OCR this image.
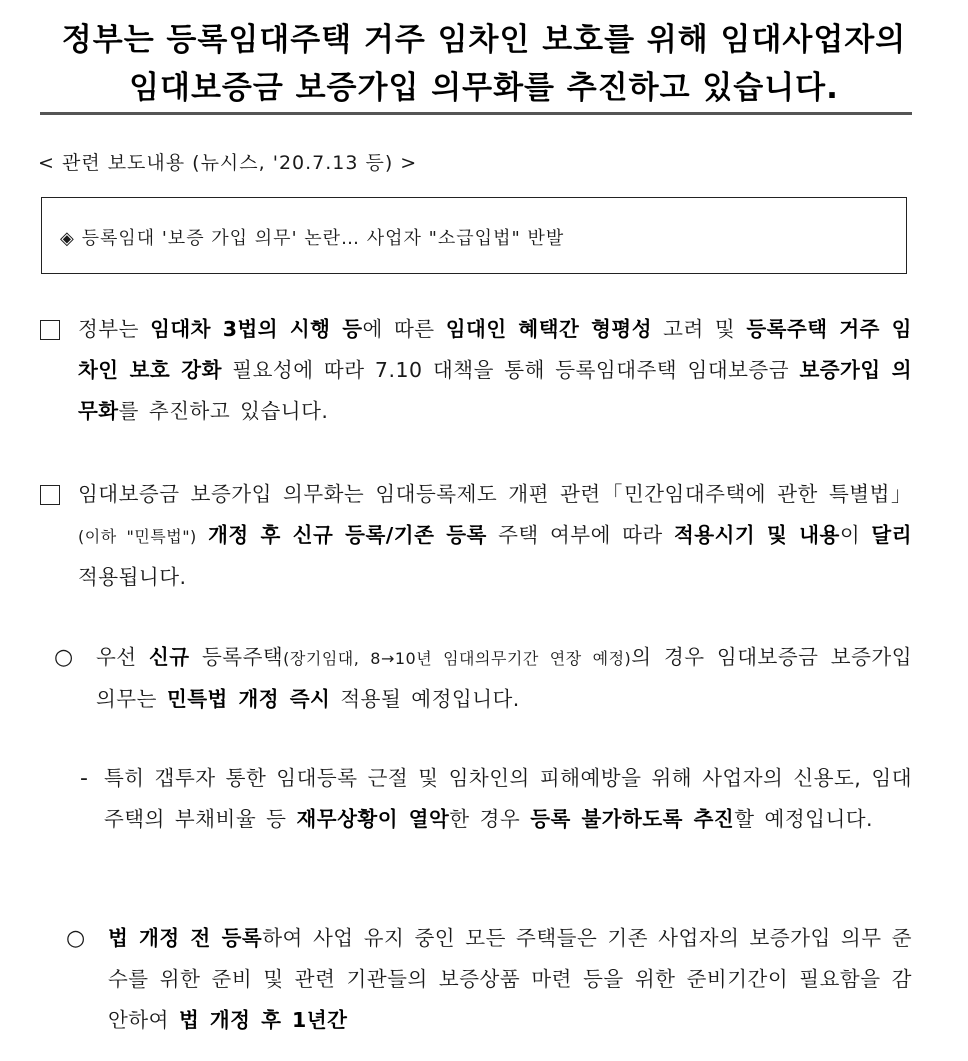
정부는 등록임대주택 거주 임차인 보호를 위해 임대사업자의
임대보증금 보증가입 의무화를 추진하고 있습니다.
< 관련 보도내용 (뉴시스, '20.7.13 등) >
◈ 등록임대 '보증 가입 의무' 논란… 사업자 "소급입법" 반발
정부는 임대차 3법의 시행 등에 따른 임대인 혜택간 형평성 고려 및 등록주택 거주 임차인 보호 강화 필요성에 따라 7.10 대책을 통해 등록임대주택 임대보증금 보증가입 의무화를 추진하고 있습니다.
임대보증금 보증가입 의무화는 임대등록제도 개편 관련「민간임대주택에 관한 특별법」(이하 "민특법") 개정 후 신규 등록/기존 등록 주택 여부에 따라 적용시기 및 내용이 달리 적용됩니다.
○ 우선 신규 등록주택(장기임대, 8→10년 임대의무기간 연장 예정)의 경우 임대보증금 보증가입 의무는 민특법 개정 즉시 적용될 예정입니다.
- 특히 갭투자 통한 임대등록 근절 및 임차인의 피해예방을 위해 사업자의 신용도, 임대주택의 부채비율 등 재무상황이 열악한 경우 등록 불가하도록 추진할 예정입니다.
○ 법 개정 전 등록하여 사업 유지 중인 모든 주택들은 기존 사업자의 보증가입 의무 준수를 위한 준비 및 관련 기관들의 보증상품 마련 등을 위한 준비기간이 필요함을 감안하여 법 개정 후 1년간
